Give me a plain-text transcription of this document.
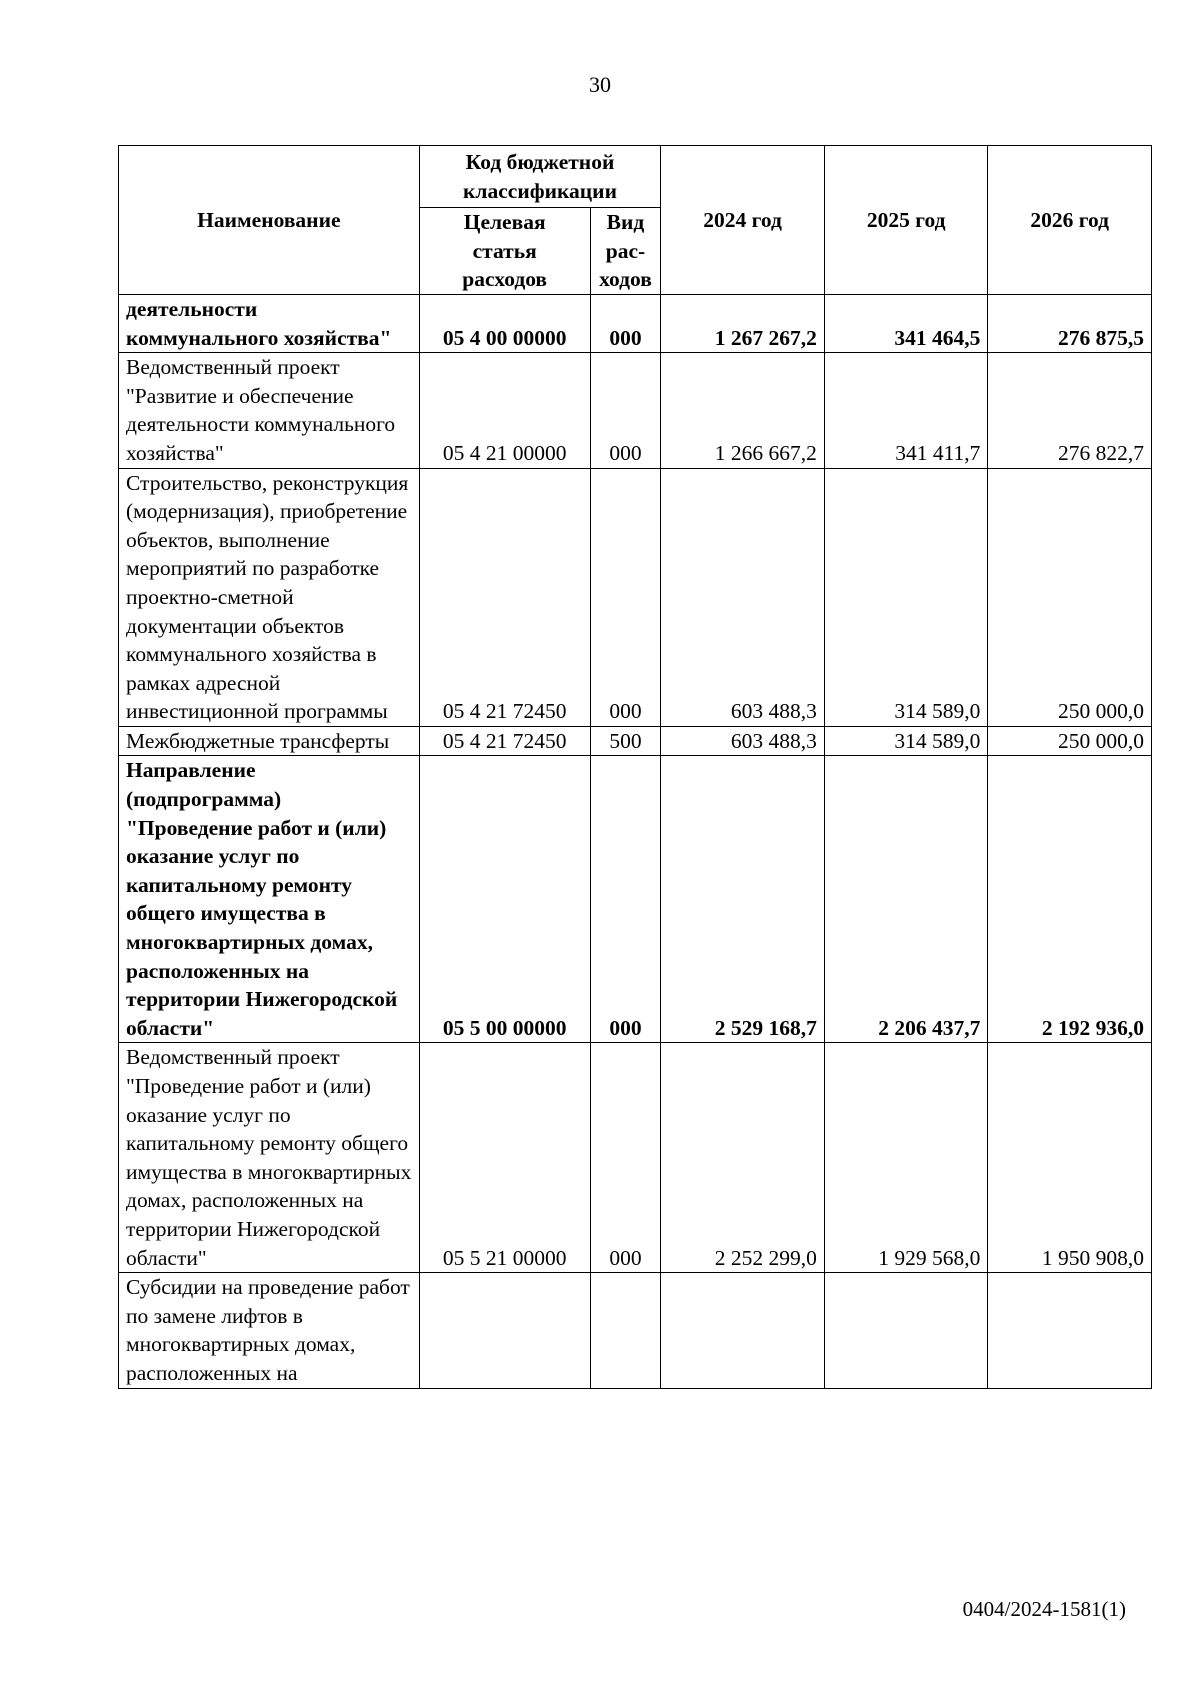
30
Наименование	Код бюджетной классификации		2024 год	2025 год	2026 год
	Целевая статья расходов	Вид рас-ходов			
деятельности коммунального хозяйства"	05 4 00 00000	000	1 267 267,2	341 464,5	276 875,5
Ведомственный проект "Развитие и обеспечение деятельности коммунального хозяйства"	05 4 21 00000	000	1 266 667,2	341 411,7	276 822,7
Строительство, реконструкция (модернизация), приобретение объектов, выполнение мероприятий по разработке проектно-сметной документации объектов коммунального хозяйства в рамках адресной инвестиционной программы	05 4 21 72450	000	603 488,3	314 589,0	250 000,0
Межбюджетные трансферты	05 4 21 72450	500	603 488,3	314 589,0	250 000,0
Направление (подпрограмма) "Проведение работ и (или) оказание услуг по капитальному ремонту общего имущества в многоквартирных домах, расположенных на территории Нижегородской области"	05 5 00 00000	000	2 529 168,7	2 206 437,7	2 192 936,0
Ведомственный проект "Проведение работ и (или) оказание услуг по капитальному ремонту общего имущества в многоквартирных домах, расположенных на территории Нижегородской области"	05 5 21 00000	000	2 252 299,0	1 929 568,0	1 950 908,0
Субсидии на проведение работ по замене лифтов в многоквартирных домах, расположенных на					
0404/2024-1581(1)
